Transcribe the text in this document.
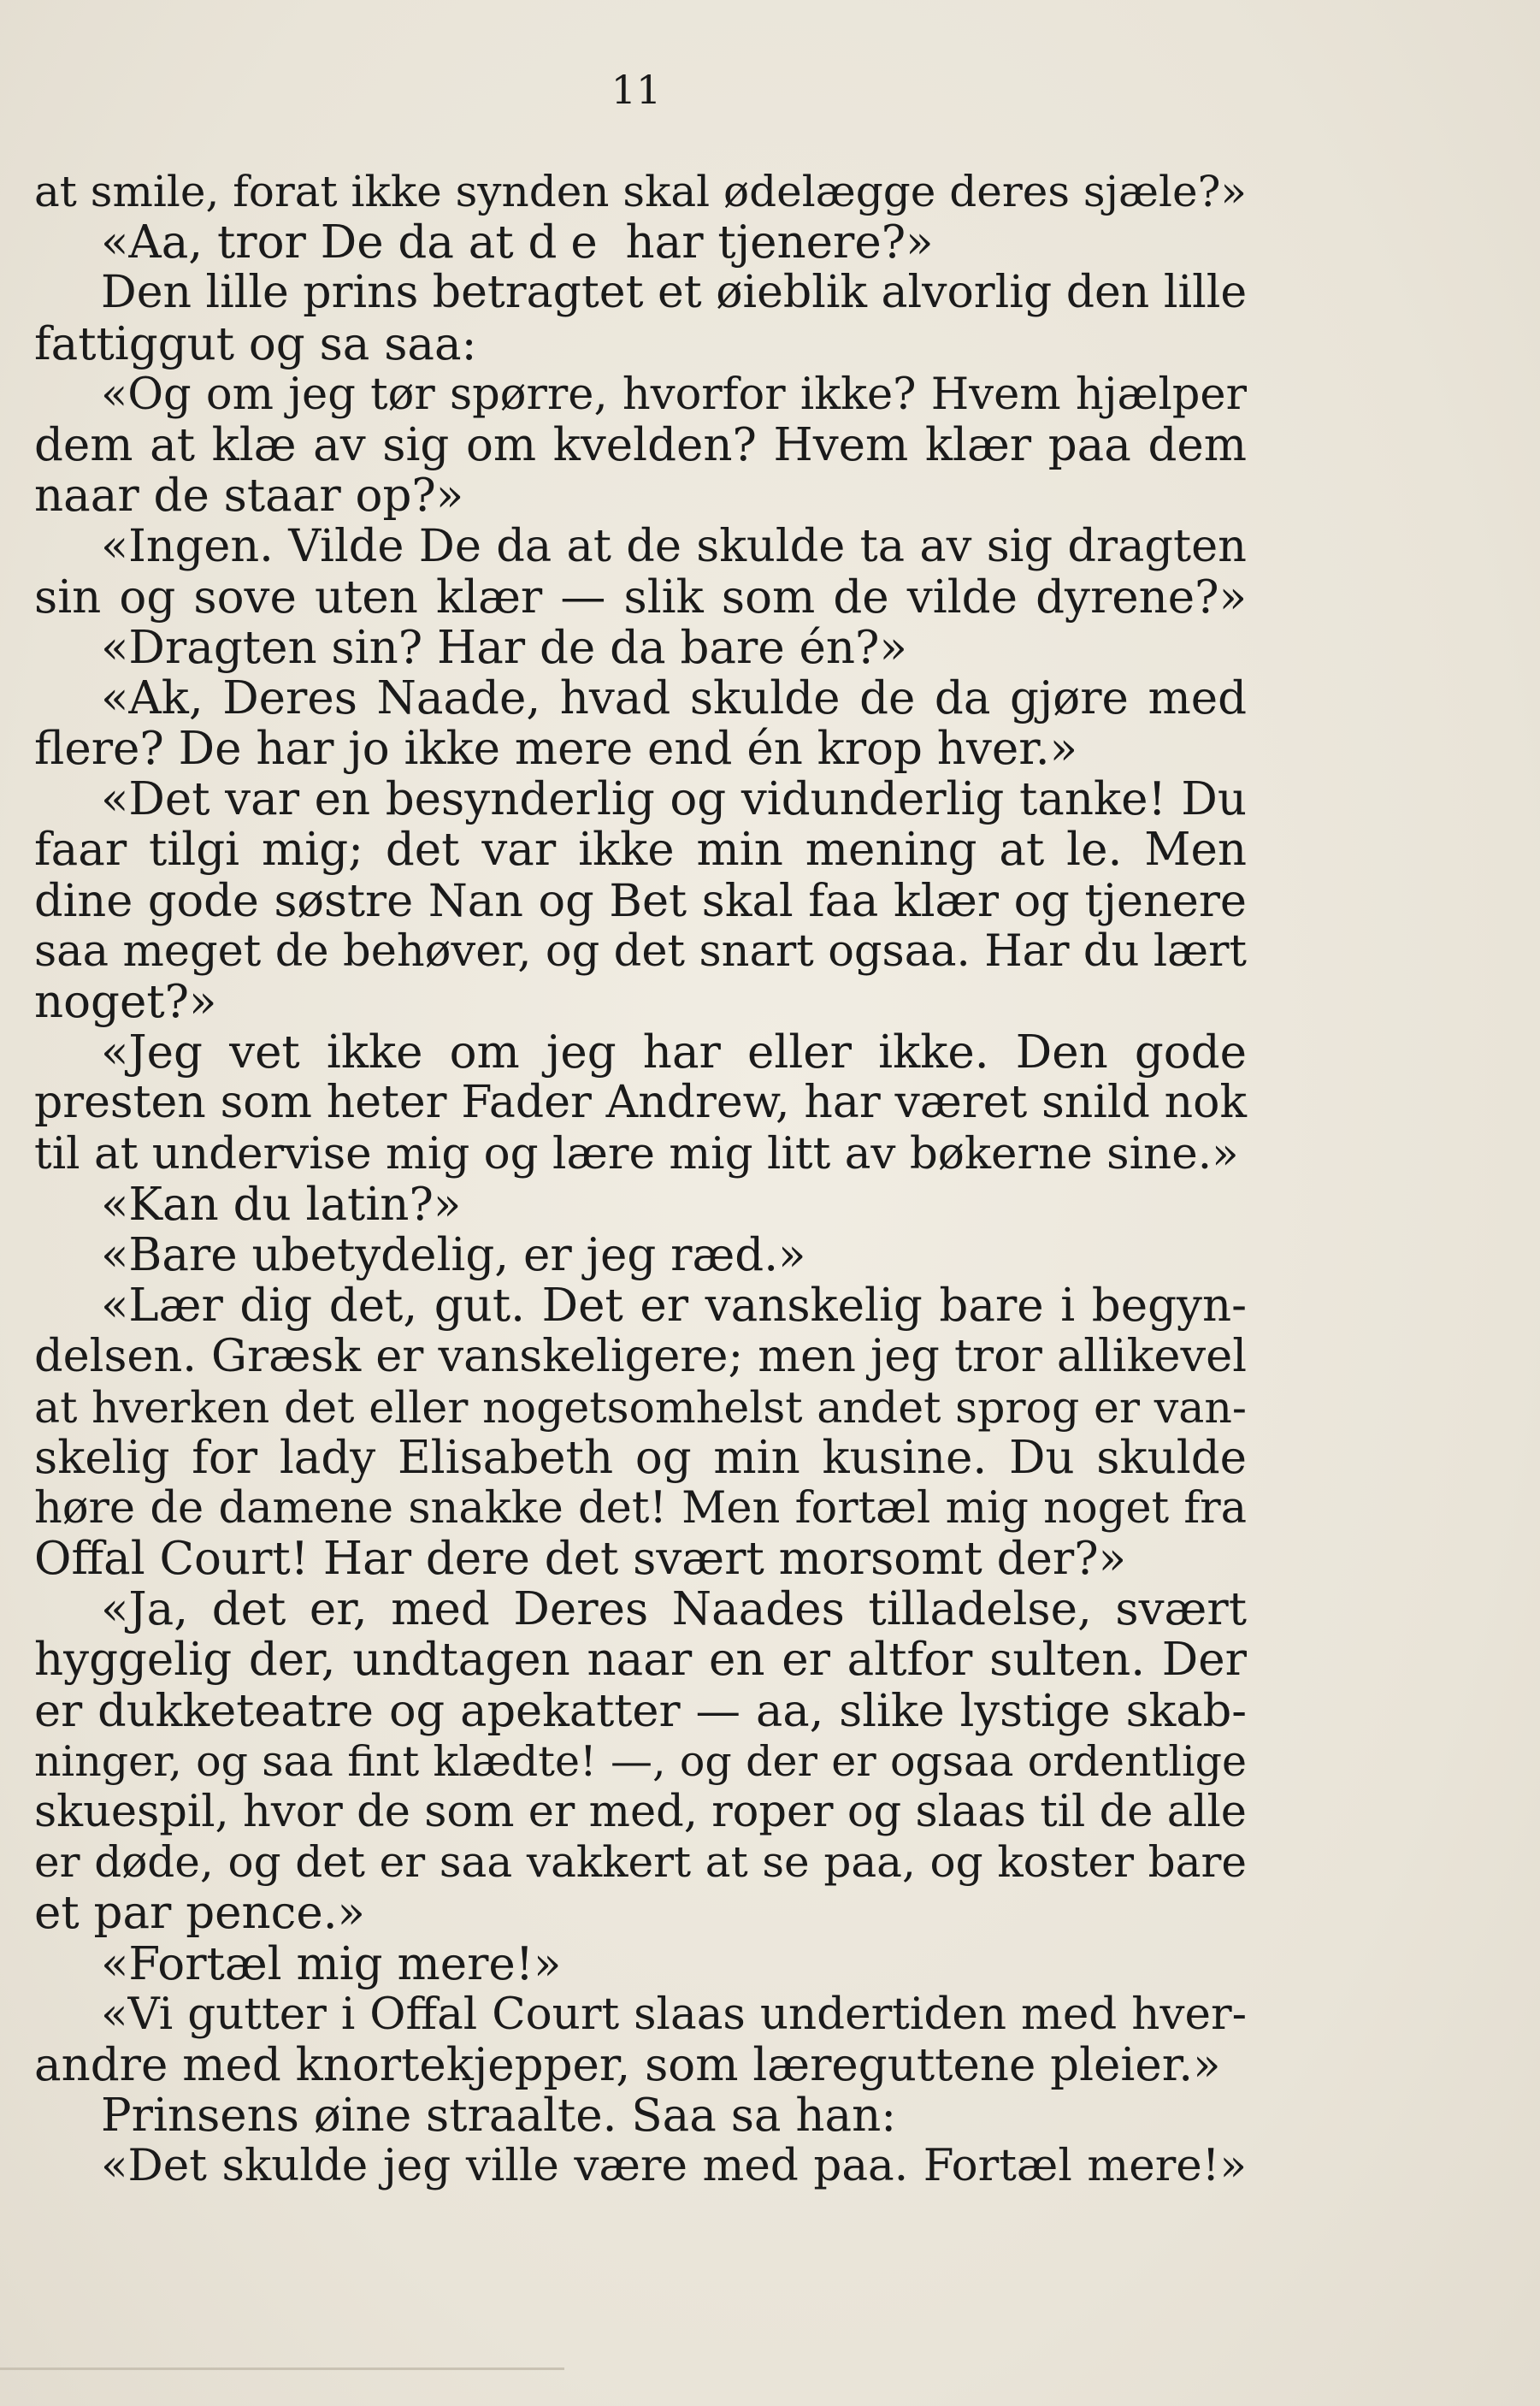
11
at smile, forat ikke synden skal ødelægge deres sjæle?»
«Aa, tror De da at de har tjenere?»
Den lille prins betragtet et øieblik alvorlig den lille
fattiggut og sa saa:
«Og om jeg tør spørre, hvorfor ikke? Hvem hjælper
dem at klæ av sig om kvelden? Hvem klær paa dem
naar de staar op?»
«Ingen. Vilde De da at de skulde ta av sig dragten
sin og sove uten klær — slik som de vilde dyrene?»
«Dragten sin? Har de da bare én?»
«Ak, Deres Naade, hvad skulde de da gjøre med
flere? De har jo ikke mere end én krop hver.»
«Det var en besynderlig og vidunderlig tanke! Du
faar tilgi mig; det var ikke min mening at le. Men
dine gode søstre Nan og Bet skal faa klær og tjenere
saa meget de behøver, og det snart ogsaa. Har du lært
noget?»
«Jeg vet ikke om jeg har eller ikke. Den gode
presten som heter Fader Andrew, har været snild nok
til at undervise mig og lære mig litt av bøkerne sine.»
«Kan du latin?»
«Bare ubetydelig, er jeg ræd.»
«Lær dig det, gut. Det er vanskelig bare i begyn-
delsen. Græsk er vanskeligere; men jeg tror allikevel
at hverken det eller nogetsomhelst andet sprog er van-
skelig for lady Elisabeth og min kusine. Du skulde
høre de damene snakke det! Men fortæl mig noget fra
Offal Court! Har dere det svært morsomt der?»
«Ja, det er, med Deres Naades tilladelse, svært
hyggelig der, undtagen naar en er altfor sulten. Der
er dukketeatre og apekatter — aa, slike lystige skab-
ninger, og saa fint klædte! —, og der er ogsaa ordentlige
skuespil, hvor de som er med, roper og slaas til de alle
er døde, og det er saa vakkert at se paa, og koster bare
et par pence.»
«Fortæl mig mere!»
«Vi gutter i Offal Court slaas undertiden med hver-
andre med knortekjepper, som læreguttene pleier.»
Prinsens øine straalte. Saa sa han:
«Det skulde jeg ville være med paa. Fortæl mere!»
